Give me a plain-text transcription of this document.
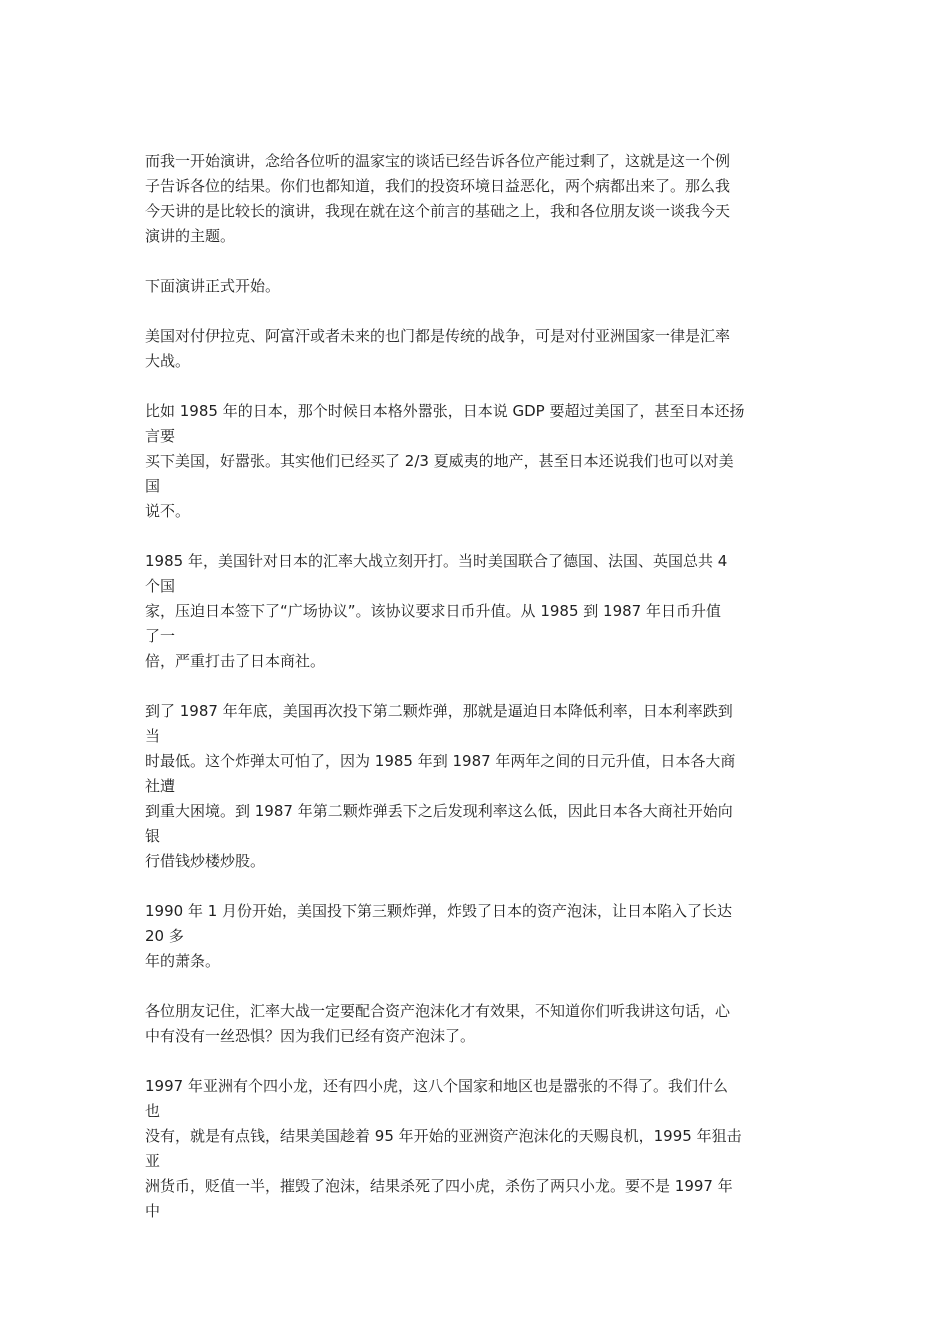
而我一开始演讲，念给各位听的温家宝的谈话已经告诉各位产能过剩了，这就是这一个例
子告诉各位的结果。你们也都知道，我们的投资环境日益恶化，两个病都出来了。那么我
今天讲的是比较长的演讲，我现在就在这个前言的基础之上，我和各位朋友谈一谈我今天
演讲的主题。

下面演讲正式开始。

美国对付伊拉克、阿富汗或者未来的也门都是传统的战争，可是对付亚洲国家一律是汇率
大战。

比如 1985 年的日本，那个时候日本格外嚣张，日本说 GDP 要超过美国了，甚至日本还扬
言要
买下美国，好嚣张。其实他们已经买了 2/3 夏威夷的地产，甚至日本还说我们也可以对美
国
说不。

1985 年，美国针对日本的汇率大战立刻开打。当时美国联合了德国、法国、英国总共 4
个国
家，压迫日本签下了“广场协议”。该协议要求日币升值。从 1985 到 1987 年日币升值
了一
倍，严重打击了日本商社。

到了 1987 年年底，美国再次投下第二颗炸弹，那就是逼迫日本降低利率，日本利率跌到
当
时最低。这个炸弹太可怕了，因为 1985 年到 1987 年两年之间的日元升值，日本各大商
社遭
到重大困境。到 1987 年第二颗炸弹丢下之后发现利率这么低，因此日本各大商社开始向
银
行借钱炒楼炒股。

1990 年 1 月份开始，美国投下第三颗炸弹，炸毁了日本的资产泡沫，让日本陷入了长达
20 多
年的萧条。

各位朋友记住，汇率大战一定要配合资产泡沫化才有效果，不知道你们听我讲这句话，心
中有没有一丝恐惧？因为我们已经有资产泡沫了。

1997 年亚洲有个四小龙，还有四小虎，这八个国家和地区也是嚣张的不得了。我们什么
也
没有，就是有点钱，结果美国趁着 95 年开始的亚洲资产泡沫化的天赐良机，1995 年狙击
亚
洲货币，贬值一半，摧毁了泡沫，结果杀死了四小虎，杀伤了两只小龙。要不是 1997 年
中
